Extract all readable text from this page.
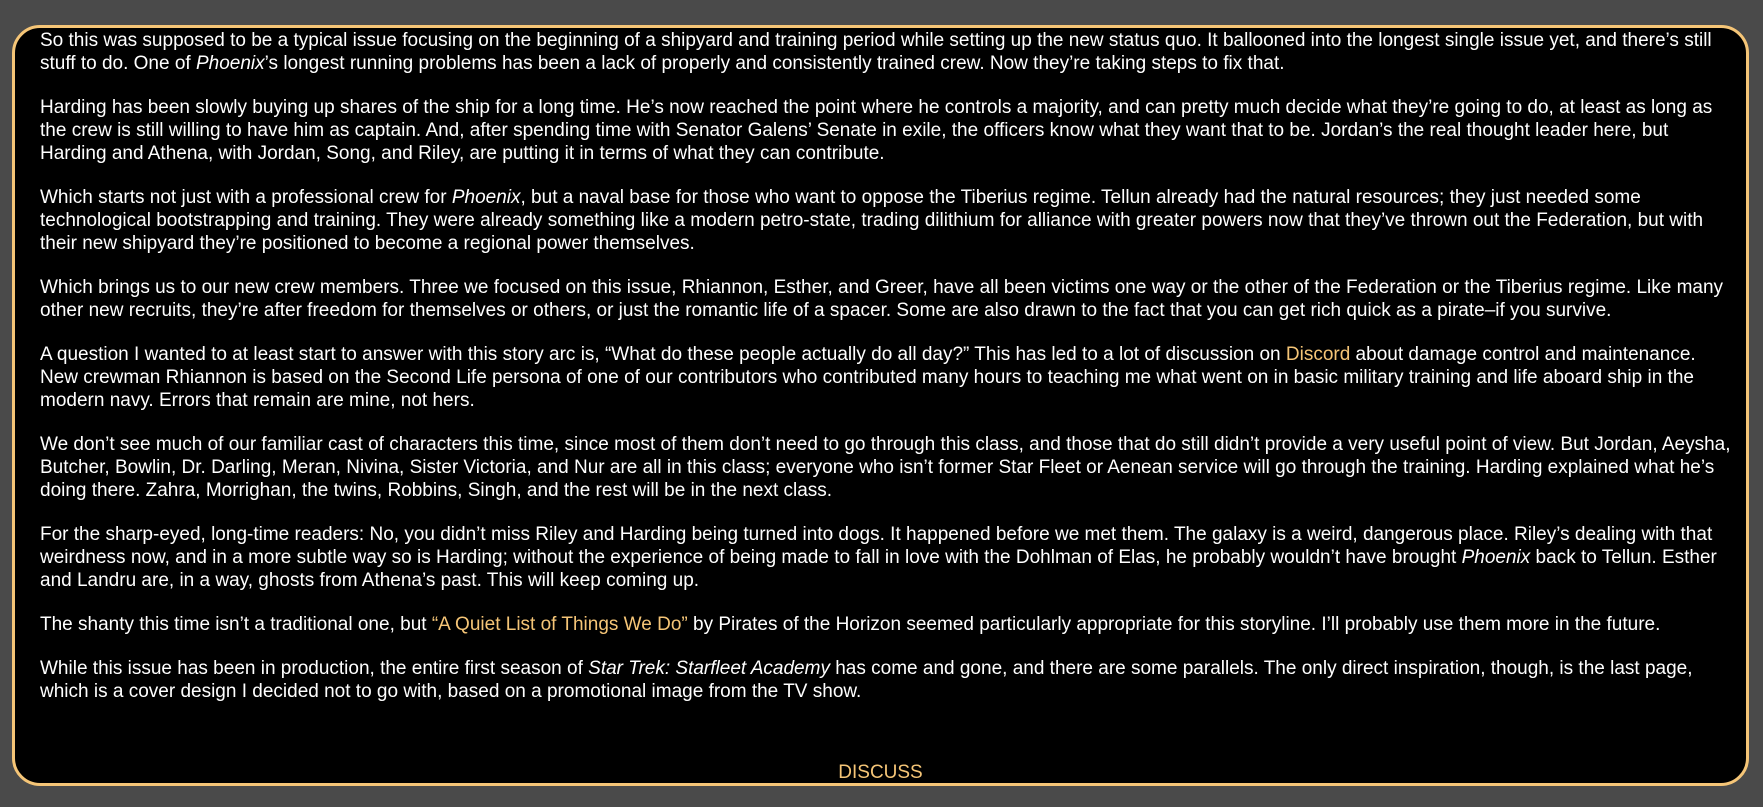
So this was supposed to be a typical issue focusing on the beginning of a shipyard and training period while setting up the new status quo. It ballooned into the longest single issue yet, and there’s still stuff to do. One of Phoenix’s longest running problems has been a lack of properly and consistently trained crew. Now they’re taking steps to fix that.

Harding has been slowly buying up shares of the ship for a long time. He’s now reached the point where he controls a majority, and can pretty much decide what they’re going to do, at least as long as the crew is still willing to have him as captain. And, after spending time with Senator Galens’ Senate in exile, the officers know what they want that to be. Jordan’s the real thought leader here, but Harding and Athena, with Jordan, Song, and Riley, are putting it in terms of what they can contribute.

Which starts not just with a professional crew for Phoenix, but a naval base for those who want to oppose the Tiberius regime. Tellun already had the natural resources; they just needed some technological bootstrapping and training. They were already something like a modern petro-state, trading dilithium for alliance with greater powers now that they’ve thrown out the Federation, but with their new shipyard they’re positioned to become a regional power themselves.

Which brings us to our new crew members. Three we focused on this issue, Rhiannon, Esther, and Greer, have all been victims one way or the other of the Federation or the Tiberius regime. Like many other new recruits, they’re after freedom for themselves or others, or just the romantic life of a spacer. Some are also drawn to the fact that you can get rich quick as a pirate–if you survive.

A question I wanted to at least start to answer with this story arc is, “What do these people actually do all day?” This has led to a lot of discussion on Discord about damage control and maintenance. New crewman Rhiannon is based on the Second Life persona of one of our contributors who contributed many hours to teaching me what went on in basic military training and life aboard ship in the modern navy. Errors that remain are mine, not hers.

We don’t see much of our familiar cast of characters this time, since most of them don’t need to go through this class, and those that do still didn’t provide a very useful point of view. But Jordan, Aeysha, Butcher, Bowlin, Dr. Darling, Meran, Nivina, Sister Victoria, and Nur are all in this class; everyone who isn’t former Star Fleet or Aenean service will go through the training. Harding explained what he’s doing there. Zahra, Morrighan, the twins, Robbins, Singh, and the rest will be in the next class.

For the sharp-eyed, long-time readers: No, you didn’t miss Riley and Harding being turned into dogs. It happened before we met them. The galaxy is a weird, dangerous place. Riley’s dealing with that weirdness now, and in a more subtle way so is Harding; without the experience of being made to fall in love with the Dohlman of Elas, he probably wouldn’t have brought Phoenix back to Tellun. Esther and Landru are, in a way, ghosts from Athena’s past. This will keep coming up.

The shanty this time isn’t a traditional one, but “A Quiet List of Things We Do” by Pirates of the Horizon seemed particularly appropriate for this storyline. I’ll probably use them more in the future.

While this issue has been in production, the entire first season of Star Trek: Starfleet Academy has come and gone, and there are some parallels. The only direct inspiration, though, is the last page, which is a cover design I decided not to go with, based on a promotional image from the TV show.

DISCUSS
